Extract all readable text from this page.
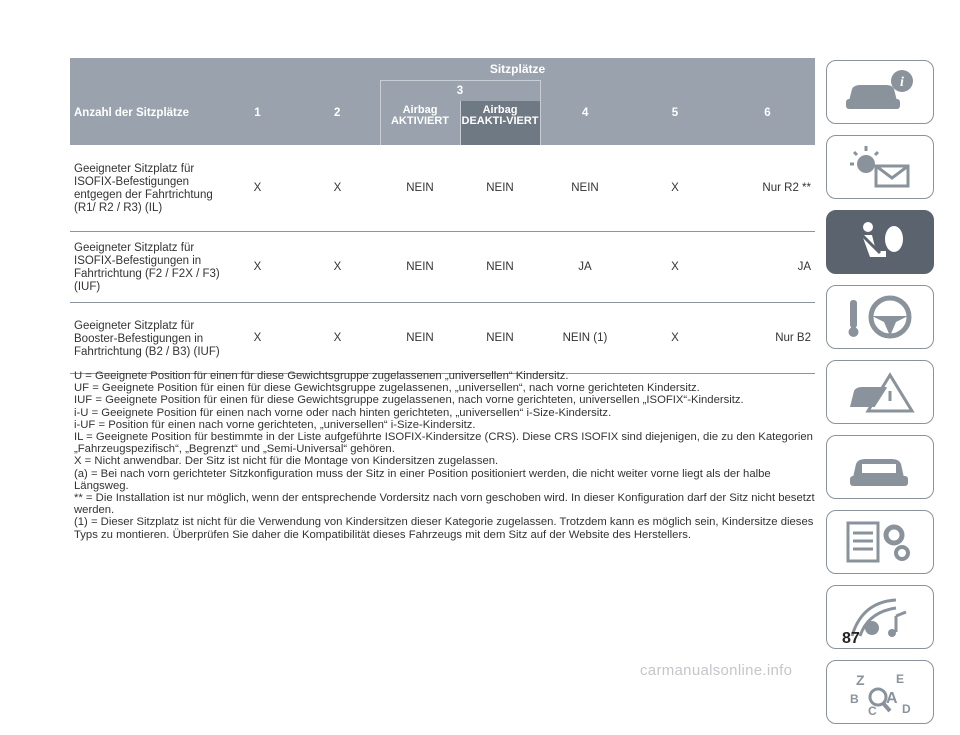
	Sitzplätze						
Anzahl der Sitzplätze	1	2	3		4	5	6
			Airbag AKTIVIERT	Airbag DEAKTI-VIERT			
Geeigneter Sitzplatz für ISOFIX-Befestigungen entgegen der Fahrtrichtung (R1/ R2 / R3) (IL)	X	X	NEIN	NEIN	NEIN	X	Nur R2 **
Geeigneter Sitzplatz für ISOFIX-Befestigungen in Fahrtrichtung (F2 / F2X / F3) (IUF)	X	X	NEIN	NEIN	JA	X	JA
Geeigneter Sitzplatz für Booster-Befestigungen in Fahrtrichtung (B2 / B3) (IUF)	X	X	NEIN	NEIN	NEIN (1)	X	Nur B2

U = Geeignete Position für einen für diese Gewichtsgruppe zugelassenen „universellen“ Kindersitz.

UF = Geeignete Position für einen für diese Gewichtsgruppe zugelassenen, „universellen“, nach vorne gerichteten Kindersitz.

IUF = Geeignete Position für einen für diese Gewichtsgruppe zugelassenen, nach vorne gerichteten, universellen „ISOFIX“-Kindersitz.

i-U = Geeignete Position für einen nach vorne oder nach hinten gerichteten, „universellen“ i-Size-Kindersitz.

i-UF = Position für einen nach vorne gerichteten, „universellen“ i-Size-Kindersitz.

IL = Geeignete Position für bestimmte in der Liste aufgeführte ISOFIX-Kindersitze (CRS). Diese CRS ISOFIX sind diejenigen, die zu den Kategorien „Fahrzeugspezifisch“, „Begrenzt“ und „Semi-Universal“ gehören.

X = Nicht anwendbar. Der Sitz ist nicht für die Montage von Kindersitzen zugelassen.

(a) = Bei nach vorn gerichteter Sitzkonfiguration muss der Sitz in einer Position positioniert werden, die nicht weiter vorne liegt als der halbe Längsweg.

** = Die Installation ist nur möglich, wenn der entsprechende Vordersitz nach vorn geschoben wird. In dieser Konfiguration darf der Sitz nicht besetzt werden.

(1) = Dieser Sitzplatz ist nicht für die Verwendung von Kindersitzen dieser Kategorie zugelassen. Trotzdem kann es möglich sein, Kindersitze dieses Typs zu montieren. Überprüfen Sie daher die Kompatibilität dieses Fahrzeugs mit dem Sitz auf der Website des Herstellers.

i
Z	E
B A
C D
87
carmanualsonline.info
